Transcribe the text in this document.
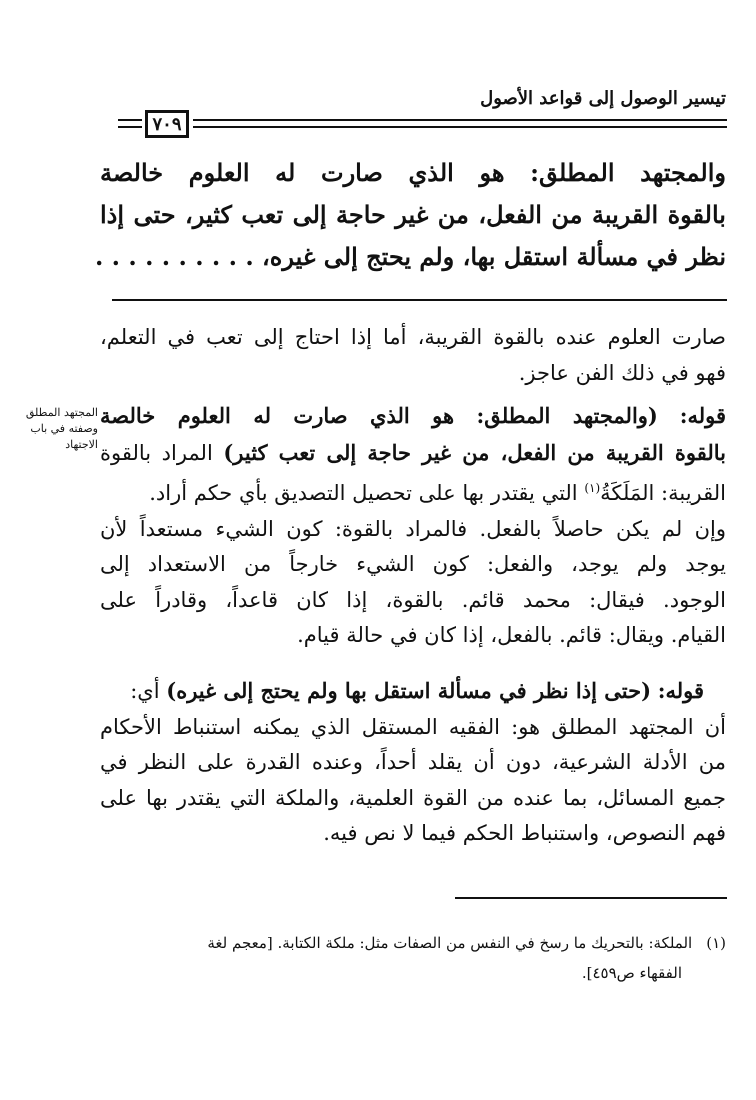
تيسير الوصول إلى قواعد الأصول
٧٠٩
والمجتهد المطلق: هو الذي صارت له العلوم خالصة
بالقوة القريبة من الفعل، من غير حاجة إلى تعب كثير، حتى إذا
نظر في مسألة استقل بها، ولم يحتج إلى غيره، . . . . . . . . . .
صارت العلوم عنده بالقوة القريبة، أما إذا احتاج إلى تعب في التعلم،
فهو في ذلك الفن عاجز.
المجتهد المطلق
وصفته في باب
الاجتهاد
قوله: (والمجتهد المطلق: هو الذي صارت له العلوم خالصة
بالقوة القريبة من الفعل، من غير حاجة إلى تعب كثير) المراد بالقوة
القريبة: المَلَكَةُ$^{(١)}$ التي يقتدر بها على تحصيل التصديق بأي حكم أراد.
وإن لم يكن حاصلاً بالفعل. فالمراد بالقوة: كون الشيء مستعداً لأن
يوجد ولم يوجد، والفعل: كون الشيء خارجاً من الاستعداد إلى
الوجود. فيقال: محمد قائم. بالقوة، إذا كان قاعداً، وقادراً على
القيام. ويقال: قائم. بالفعل، إذا كان في حالة قيام.
قوله: (حتى إذا نظر في مسألة استقل بها ولم يحتج إلى غيره) أي:
أن المجتهد المطلق هو: الفقيه المستقل الذي يمكنه استنباط الأحكام
من الأدلة الشرعية، دون أن يقلد أحداً، وعنده القدرة على النظر في
جميع المسائل، بما عنده من القوة العلمية، والملكة التي يقتدر بها على
فهم النصوص، واستنباط الحكم فيما لا نص فيه.
(١)الملكة: بالتحريك ما رسخ في النفس من الصفات مثل: ملكة الكتابة. [معجم لغة
الفقهاء ص٤٥٩].
